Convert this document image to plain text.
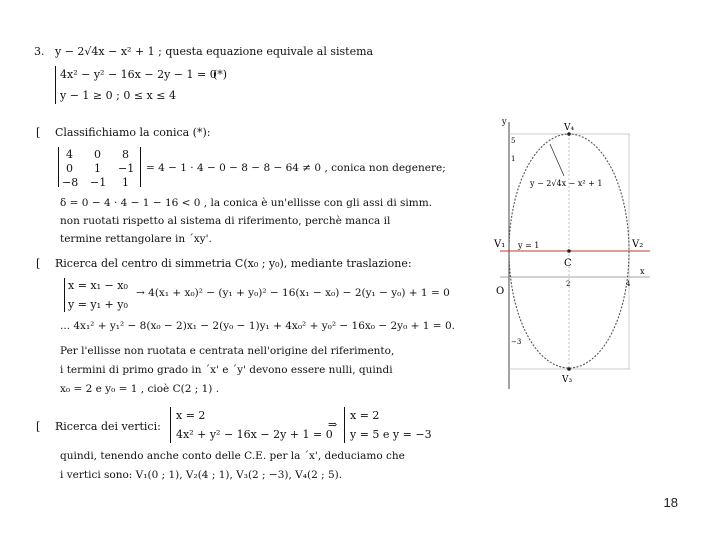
3. y − 2√4x − x² + 1 ; questa equazione equivale al sistema
4x² − y² − 16x − 2y − 1 = 0
(*)
y − 1 ≥ 0 ; 0 ≤ x ≤ 4
[ Classifichiamo la conica (*):
4 0 8
0 1 −1
−8 −1 1
= 4 − 1 · 4 − 0 − 8 − 8 − 64 ≠ 0 , conica non degenere;
δ = 0 − 4 · 4 − 1 − 16 < 0 , la conica è un'ellisse con gli assi di simm.
non ruotati rispetto al sistema di riferimento, perchè manca il
termine rettangolare in ´xy'.
[ Ricerca del centro di simmetria C(x₀ ; y₀), mediante traslazione:
x = x₁ − x₀
y = y₁ + y₀
→ 4(x₁ + x₀)² − (y₁ + y₀)² − 16(x₁ − x₀) − 2(y₁ − y₀) + 1 = 0
... 4x₁² + y₁² − 8(x₀ − 2)x₁ − 2(y₀ − 1)y₁ + 4x₀² + y₀² − 16x₀ − 2y₀ + 1 = 0.
Per l'ellisse non ruotata e centrata nell'origine del riferimento,
i termini di primo grado in ´x' e ´y' devono essere nulli, quindi
x₀ = 2 e y₀ = 1 , cioè C(2 ; 1) .
[ Ricerca dei vertici:
x = 2
4x² + y² − 16x − 2y + 1 = 0
⇒
x = 2
y = 5 e y = −3
quindi, tenendo anche conto delle C.E. per la ´x', deduciamo che
i vertici sono: V₁(0 ; 1), V₂(4 ; 1), V₃(2 ; −3), V₄(2 ; 5).
y
x
y − 2√4x − x² + 1
V₄
V₃
V₁	V₂
C
O
y = 1
5
1
2	4
−3
18
